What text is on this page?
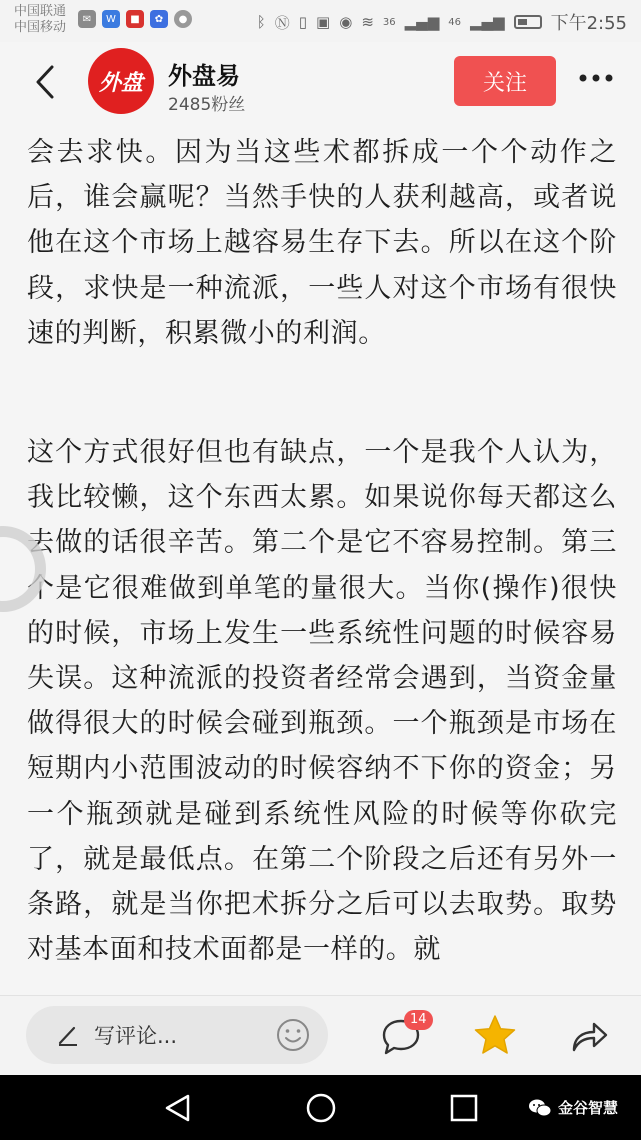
中国联通
中国移动
✉	W	■	✿	●	ᛒ Ⓝ ▯ ▣ ◉ ≋ 36 ▂▄▆ 46 ▂▄▆	下午2:55
外盘	外盘易
2485粉丝
关注

会去求快。因为当这些术都拆成一个个动作之后，谁会赢呢？当然手快的人获利越高，或者说他在这个市场上越容易生存下去。所以在这个阶段，求快是一种流派，一些人对这个市场有很快速的判断，积累微小的利润。

这个方式很好但也有缺点，一个是我个人认为，我比较懒，这个东西太累。如果说你每天都这么去做的话很辛苦。第二个是它不容易控制。第三个是它很难做到单笔的量很大。当你(操作)很快的时候，市场上发生一些系统性问题的时候容易失误。这种流派的投资者经常会遇到，当资金量做得很大的时候会碰到瓶颈。一个瓶颈是市场在短期内小范围波动的时候容纳不下你的资金；另一个瓶颈就是碰到系统性风险的时候等你砍完了，就是最低点。在第二个阶段之后还有另外一条路，就是当你把术拆分之后可以去取势。取势对基本面和技术面都是一样的。就

写评论...
14
金谷智慧
